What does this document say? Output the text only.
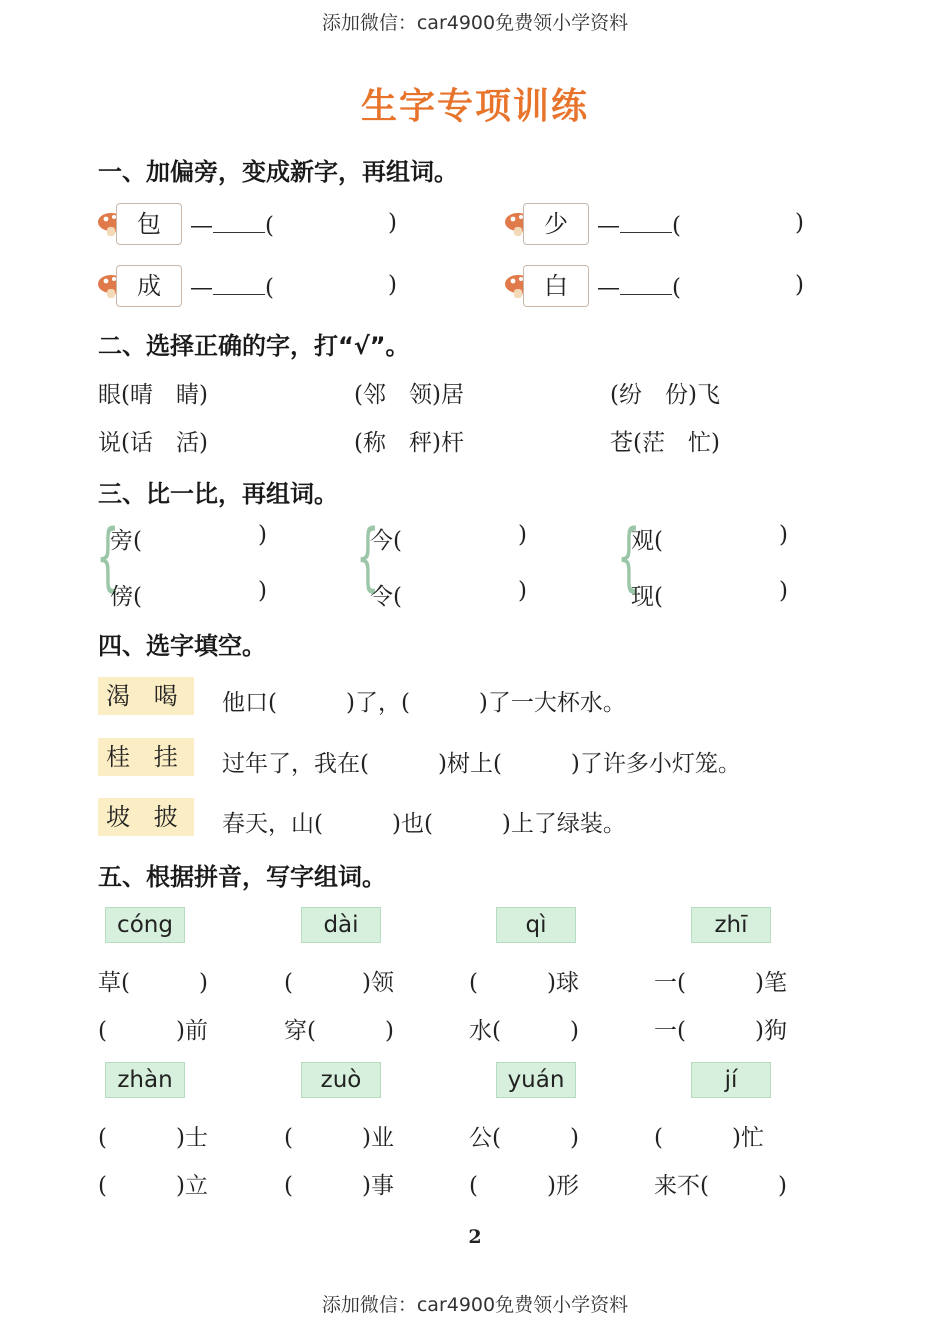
添加微信：car4900免费领小学资料
添加微信：car4900免费领小学资料
生字专项训练
一、加偏旁，变成新字，再组词。
包	— (	)	少	— (	)
成	— (	)	白	— (	)
二、选择正确的字，打“√”。
眼(晴　睛)	(邻　领)居	(纷　份)飞
说(话　活)	(称　秤)杆	苍(茫　忙)
三、比一比，再组词。
{
旁(	)
傍(	) {
今(	)
令(	) {
观(	)
现(	)
四、选字填空。
渴 喝	他口(　　　)了，(　　　)了一大杯水。
桂 挂	过年了，我在(　　　)树上(　　　)了许多小灯笼。
坡 披	春天，山(　　　)也(　　　)上了绿装。
五、根据拼音，写字组词。
cóng	dài	qì	zhī
草(　　　)	(　　　)领	(　　　)球	一(　　　)笔
(　　　)前	穿(　　　)	水(　　　)	一(　　　)狗
zhàn	zuò	yuán	jí
(　　　)士	(　　　)业	公(　　　)	(　　　)忙
(　　　)立	(　　　)事	(　　　)形	来不(　　　)
2
